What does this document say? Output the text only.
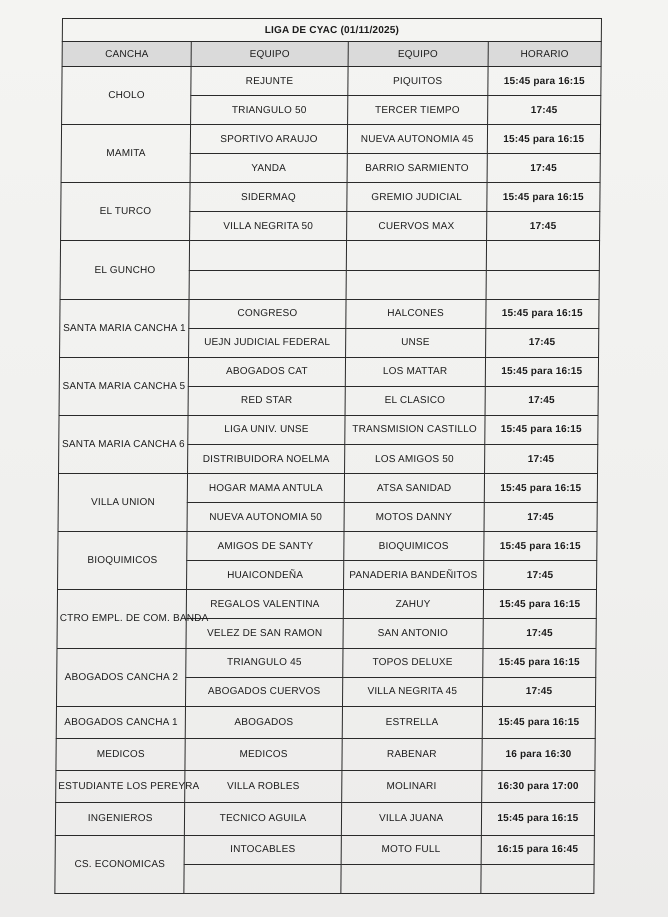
LIGA DE CYAC (01/11/2025)			
CANCHA	EQUIPO	EQUIPO	HORARIO
CHOLO	REJUNTE	PIQUITOS	15:45 para 16:15
	TRIANGULO 50	TERCER TIEMPO	17:45
MAMITA	SPORTIVO ARAUJO	NUEVA AUTONOMIA 45	15:45 para 16:15
	YANDA	BARRIO SARMIENTO	17:45
EL TURCO	SIDERMAQ	GREMIO JUDICIAL	15:45 para 16:15
	VILLA NEGRITA 50	CUERVOS MAX	17:45
EL GUNCHO			

SANTA MARIA CANCHA 1	CONGRESO	HALCONES	15:45 para 16:15
	UEJN JUDICIAL FEDERAL	UNSE	17:45
SANTA MARIA CANCHA 5	ABOGADOS CAT	LOS MATTAR	15:45 para 16:15
	RED STAR	EL CLASICO	17:45
SANTA MARIA CANCHA 6	LIGA UNIV. UNSE	TRANSMISION CASTILLO	15:45 para 16:15
	DISTRIBUIDORA NOELMA	LOS AMIGOS 50	17:45
VILLA UNION	HOGAR MAMA ANTULA	ATSA SANIDAD	15:45 para 16:15
	NUEVA AUTONOMIA 50	MOTOS DANNY	17:45
BIOQUIMICOS	AMIGOS DE SANTY	BIOQUIMICOS	15:45 para 16:15
	HUAICONDEÑA	PANADERIA BANDEÑITOS	17:45
CTRO EMPL. DE COM. BANDA	REGALOS VALENTINA	ZAHUY	15:45 para 16:15
	VELEZ DE SAN RAMON	SAN ANTONIO	17:45
ABOGADOS CANCHA 2	TRIANGULO 45	TOPOS DELUXE	15:45 para 16:15
	ABOGADOS CUERVOS	VILLA NEGRITA 45	17:45
ABOGADOS CANCHA 1	ABOGADOS	ESTRELLA	15:45 para 16:15
MEDICOS	MEDICOS	RABENAR	16 para 16:30
ESTUDIANTE LOS PEREYRA	VILLA ROBLES	MOLINARI	16:30 para 17:00
INGENIEROS	TECNICO AGUILA	VILLA JUANA	15:45 para 16:15
CS. ECONOMICAS	INTOCABLES	MOTO FULL	16:15 para 16:45
